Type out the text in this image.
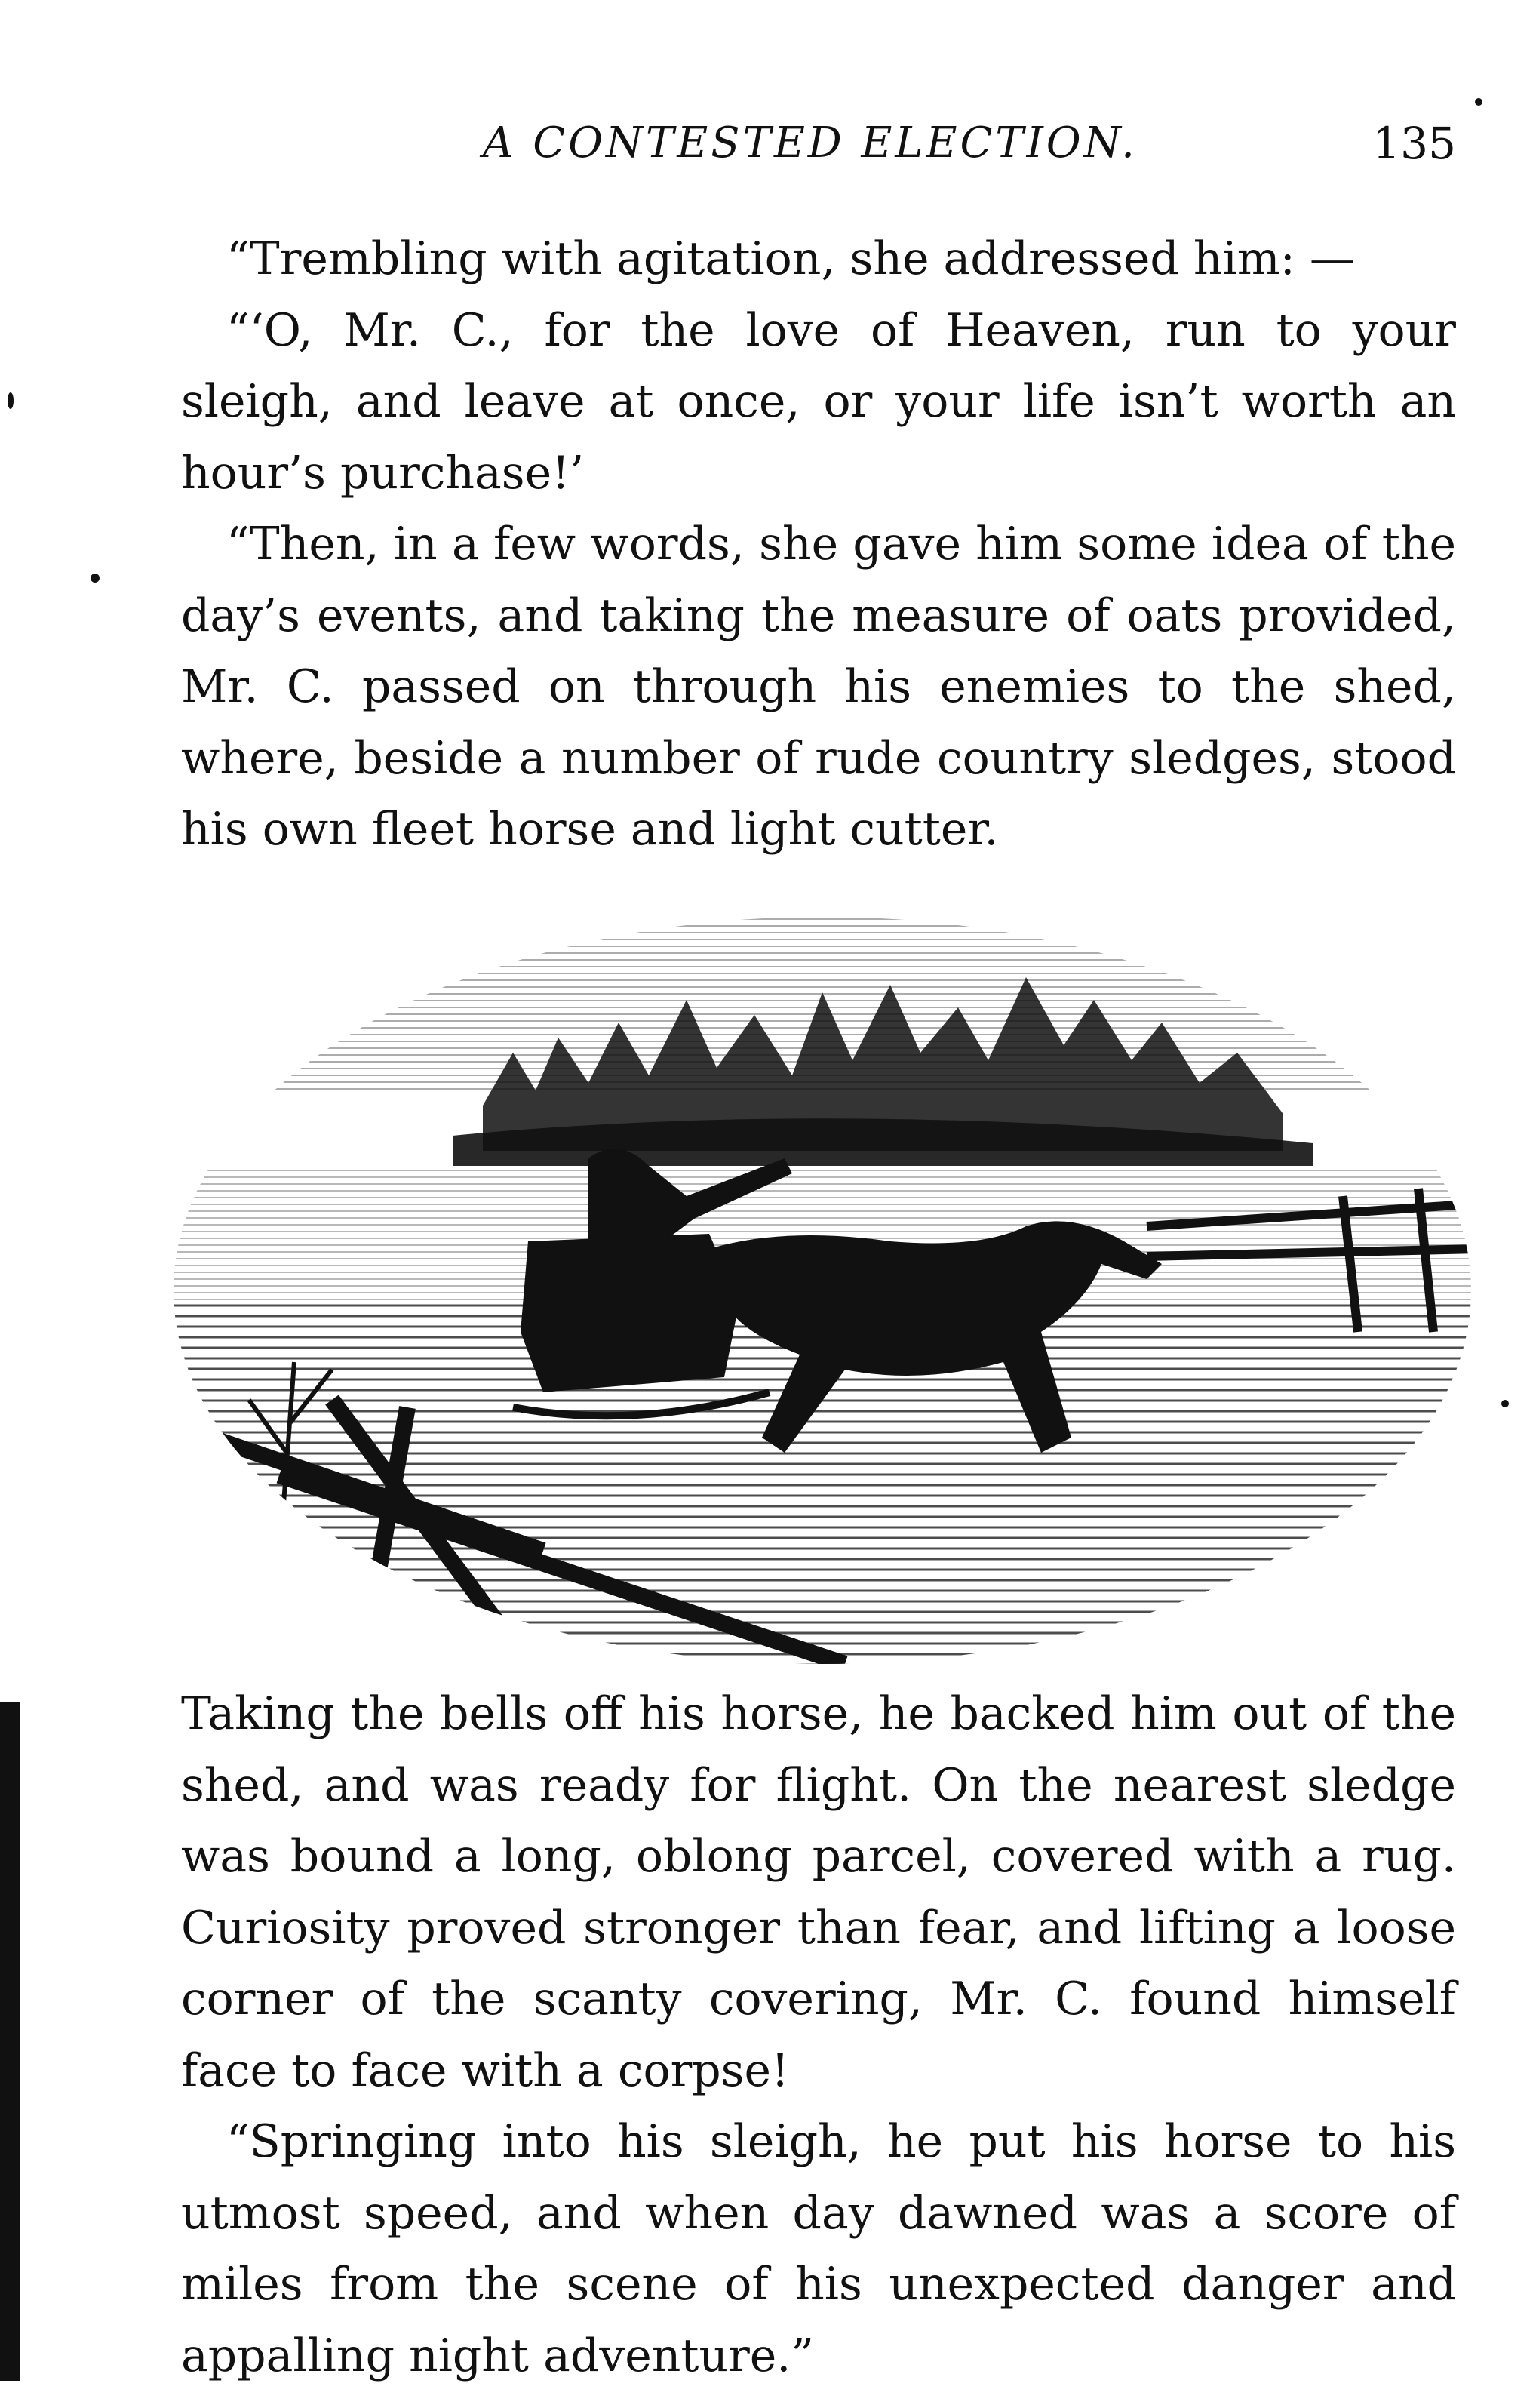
A CONTESTED ELECTION.	135

“Trembling with agitation, she addressed him: —

“‘O, Mr. C., for the love of Heaven, run to your sleigh, and leave at once, or your life isn’t worth an hour’s purchase!’

“Then, in a few words, she gave him some idea of the day’s events, and taking the measure of oats provided, Mr. C. passed on through his enemies to the shed, where, beside a number of rude country sledges, stood his own fleet horse and light cutter.

Taking the bells off his horse, he backed him out of the shed, and was ready for flight. On the nearest sledge was bound a long, oblong parcel, covered with a rug. Curiosity proved stronger than fear, and lifting a loose corner of the scanty covering, Mr. C. found himself face to face with a corpse!

“Springing into his sleigh, he put his horse to his utmost speed, and when day dawned was a score of miles from the scene of his unexpected danger and appalling night adventure.”
